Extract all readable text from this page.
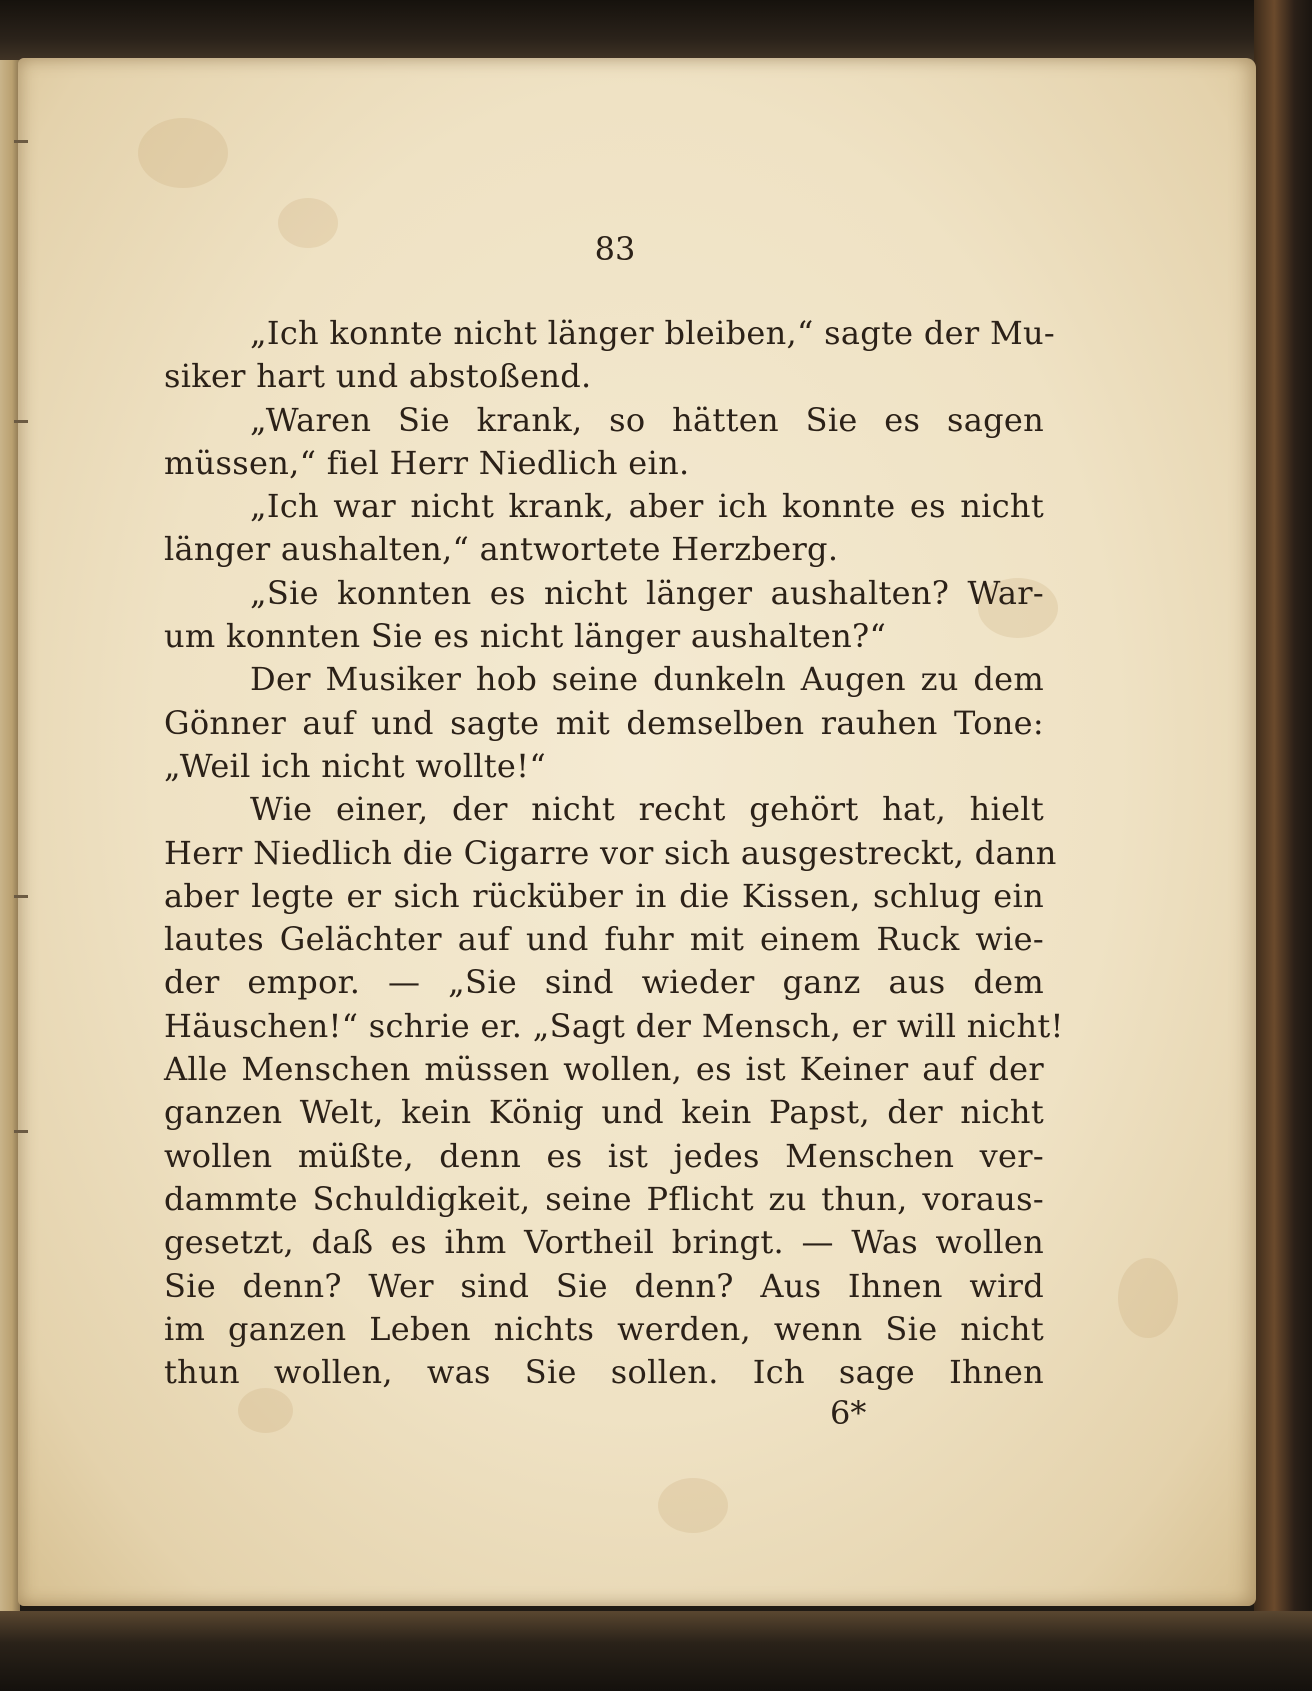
83
„Ich konnte nicht länger bleiben,“ sagte der Mu-
siker hart und abstoßend.
„Waren Sie krank, so hätten Sie es sagen
müssen,“ fiel Herr Niedlich ein.
„Ich war nicht krank, aber ich konnte es nicht
länger aushalten,“ antwortete Herzberg.
„Sie konnten es nicht länger aushalten? War-
um konnten Sie es nicht länger aushalten?“
Der Musiker hob seine dunkeln Augen zu dem
Gönner auf und sagte mit demselben rauhen Tone:
„Weil ich nicht wollte!“
Wie einer, der nicht recht gehört hat, hielt
Herr Niedlich die Cigarre vor sich ausgestreckt, dann
aber legte er sich rücküber in die Kissen, schlug ein
lautes Gelächter auf und fuhr mit einem Ruck wie-
der empor. — „Sie sind wieder ganz aus dem
Häuschen!“ schrie er. „Sagt der Mensch, er will nicht!
Alle Menschen müssen wollen, es ist Keiner auf der
ganzen Welt, kein König und kein Papst, der nicht
wollen müßte, denn es ist jedes Menschen ver-
dammte Schuldigkeit, seine Pflicht zu thun, voraus-
gesetzt, daß es ihm Vortheil bringt. — Was wollen
Sie denn? Wer sind Sie denn? Aus Ihnen wird
im ganzen Leben nichts werden, wenn Sie nicht
thun wollen, was Sie sollen. Ich sage Ihnen
6*
